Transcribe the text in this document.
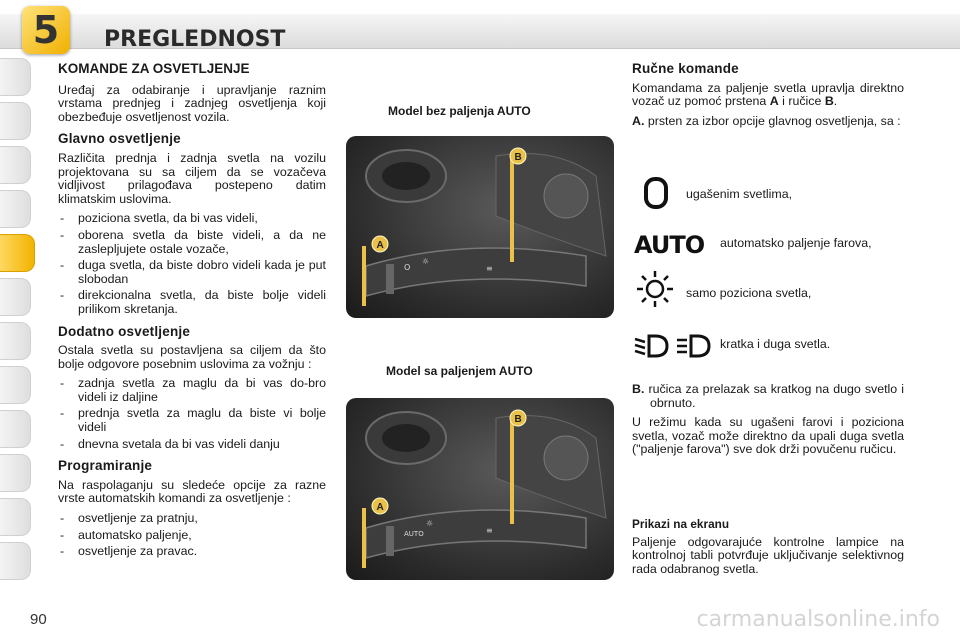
PREGLEDNOST
5
KOMANDE ZA OSVETLJENJE

Uređaj za odabiranje i upravljanje raznim vrstama prednjeg i zadnjeg osvetljenja koji obezbeđuje osvetljenost vozila.

Glavno osvetljenje

Različita prednja i zadnja svetla na vozilu projektovana su sa ciljem da se vozačeva vidljivost prilagođava postepeno datim klimatskim uslovima.

- poziciona svetla, da bi vas videli,
- oborena svetla da biste videli, a da ne zaslepljujete ostale vozače,
- duga svetla, da biste dobro videli kada je put slobodan
- direkcionalna svetla, da biste bolje videli prilikom skretanja.
Dodatno osvetljenje

Ostala svetla su postavljena sa ciljem da što bolje odgovore posebnim uslovima za vožnju :

- zadnja svetla za maglu da bi vas do-bro videli iz daljine
- prednja svetla za maglu da biste vi bolje videli
- dnevna svetala da bi vas videli danju
Programiranje

Na raspolaganju su sledeće opcije za razne vrste automatskih komandi za osvetljenje :

- osvetljenje za pratnju,
- automatsko paljenje,
- osvetljenje za pravac.
Model bez paljenja AUTO
O
☼
≡
B
A
Model sa paljenjem AUTO
AUTO
☼
≡
B
A
Ručne komande

Komandama za paljenje svetla upravlja direktno vozač uz pomoć prstena A i ručice B.

A. prsten za izbor opcije glavnog osvetljenja, sa :

ugašenim svetlima,
AUTO automatsko paljenje farova,
samo poziciona svetla,
kratka i duga svetla.

B. ručica za prelazak sa kratkog na dugo svetlo i obrnuto.

U režimu kada su ugašeni farovi i poziciona svetla, vozač može direktno da upali duga svetla ("paljenje farova") sve dok drži povučenu ručicu.

Prikazi na ekranu

Paljenje odgovarajuće kontrolne lampice na kontrolnoj tabli potvrđuje uključivanje selektivnog rada odabranog svetla.

90	carmanualsonline.info
